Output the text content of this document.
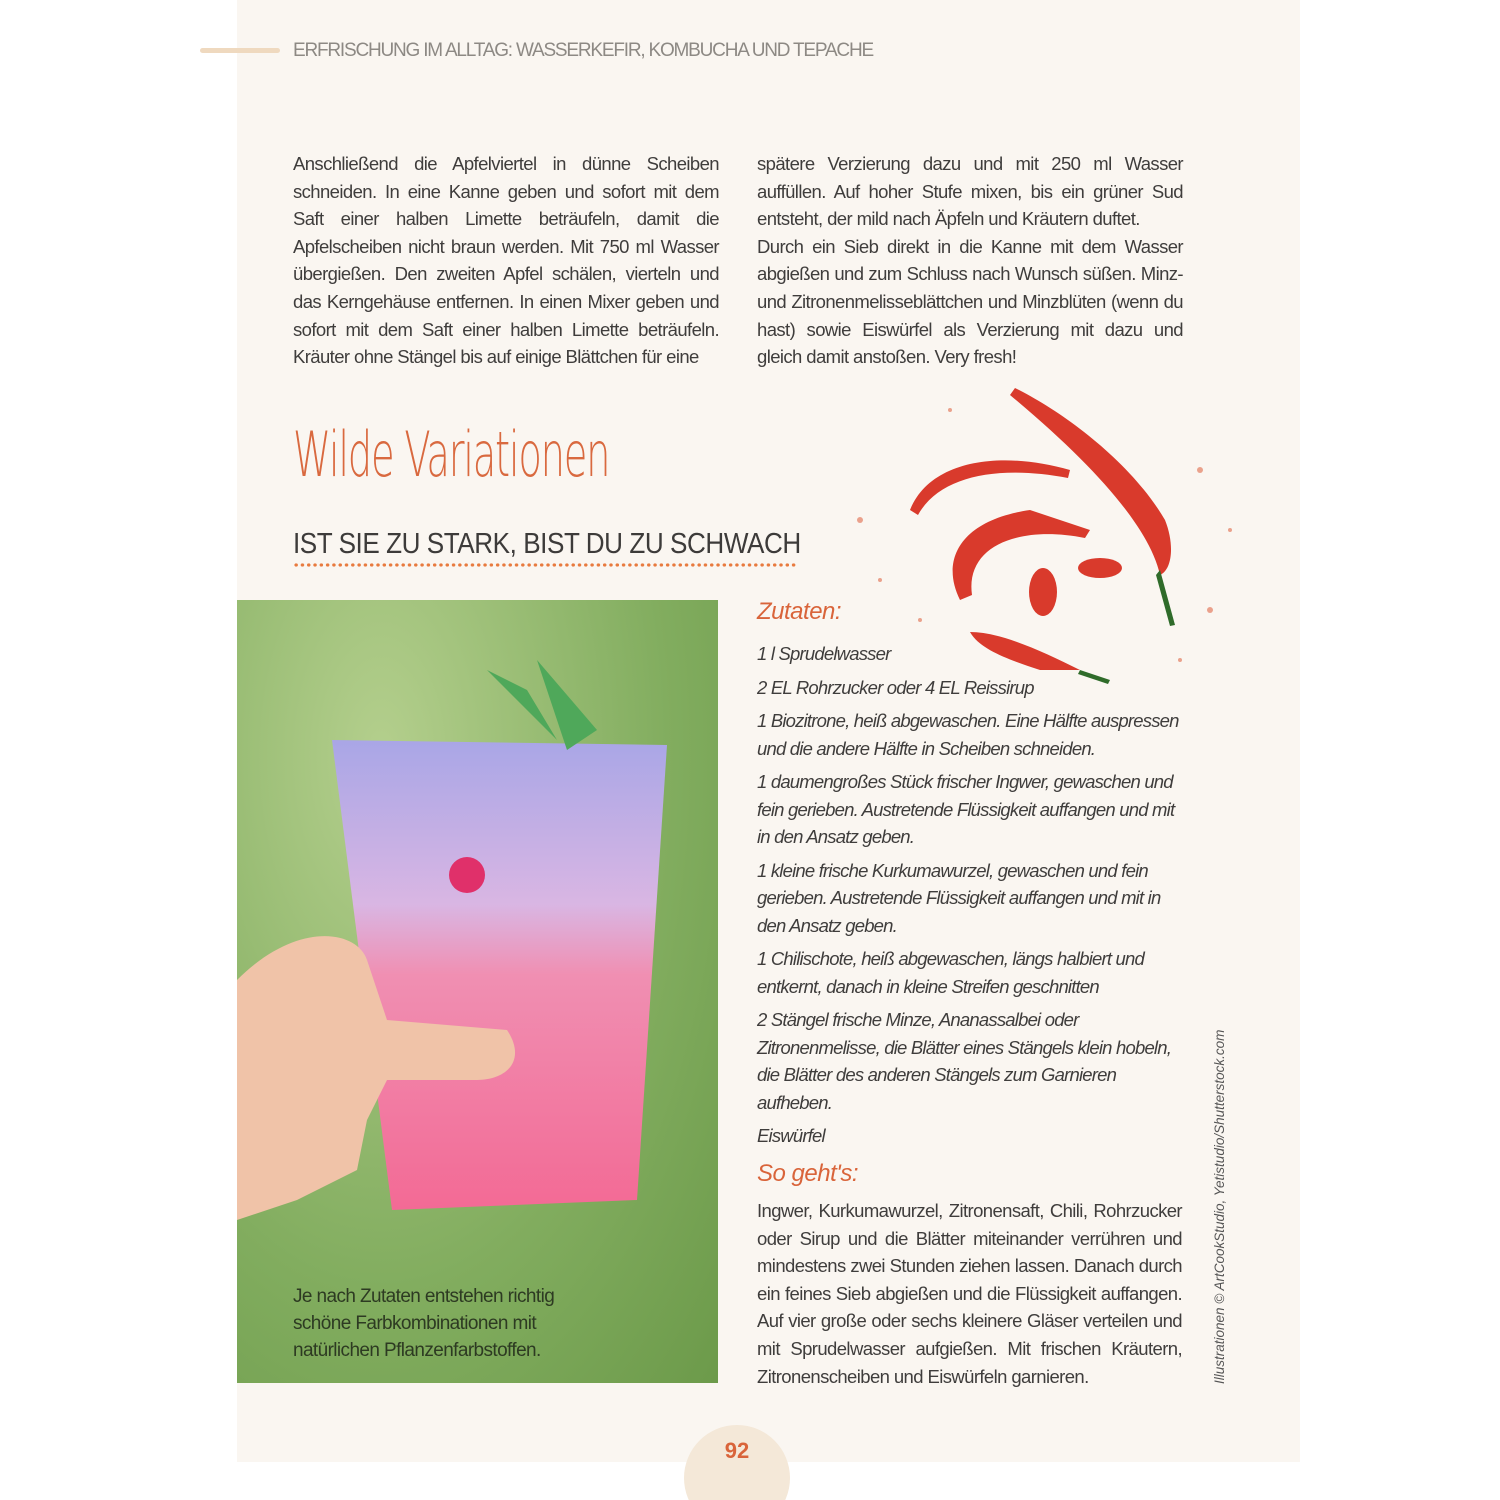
ERFRISCHUNG IM ALLTAG: WASSERKEFIR, KOMBUCHA UND TEPACHE
Anschließend die Apfelviertel in dünne Scheiben schneiden. In eine Kanne geben und sofort mit dem Saft einer halben Limette beträufeln, damit die Apfelscheiben nicht braun werden. Mit 750 ml Wasser übergießen. Den zweiten Apfel schälen, vierteln und das Kerngehäuse entfernen. In einen Mixer geben und sofort mit dem Saft einer halben Limette beträufeln. Kräuter ohne Stängel bis auf einige Blättchen für eine
spätere Verzierung dazu und mit 250 ml Wasser auffüllen. Auf hoher Stufe mixen, bis ein grüner Sud entsteht, der mild nach Äpfeln und Kräutern duftet.
Durch ein Sieb direkt in die Kanne mit dem Wasser abgießen und zum Schluss nach Wunsch süßen. Minz- und Zitronenmelisseblättchen und Minzblüten (wenn du hast) sowie Eiswürfel als Verzierung mit dazu und gleich damit anstoßen. Very fresh!
Wilde Variationen
IST SIE ZU STARK, BIST DU ZU SCHWACH
Je nach Zutaten entstehen richtig schöne Farbkombinationen mit natürlichen Pflanzenfarbstoffen.
Zutaten:

1 l Sprudelwasser

2 EL Rohrzucker oder 4 EL Reissirup

1 Biozitrone, heiß abgewaschen. Eine Hälfte auspressen und die andere Hälfte in Scheiben schneiden.

1 daumengroßes Stück frischer Ingwer, gewaschen und fein gerieben. Austretende Flüssigkeit auffangen und mit in den Ansatz geben.

1 kleine frische Kurkumawurzel, gewaschen und fein gerieben. Austretende Flüssigkeit auffangen und mit in den Ansatz geben.

1 Chilischote, heiß abgewaschen, längs halbiert und entkernt, danach in kleine Streifen geschnitten

2 Stängel frische Minze, Ananassalbei oder Zitronenmelisse, die Blätter eines Stängels klein hobeln, die Blätter des anderen Stängels zum Garnieren aufheben.

Eiswürfel

So geht's:
Ingwer, Kurkumawurzel, Zitronensaft, Chili, Rohrzucker oder Sirup und die Blätter miteinander verrühren und mindestens zwei Stunden ziehen lassen. Danach durch ein feines Sieb abgießen und die Flüssigkeit auffangen. Auf vier große oder sechs kleinere Gläser verteilen und mit Sprudelwasser aufgießen. Mit frischen Kräutern, Zitronenscheiben und Eiswürfeln garnieren.	Illustrationen © ArtCookStudio, Yetistudio/Shutterstock.com
92
